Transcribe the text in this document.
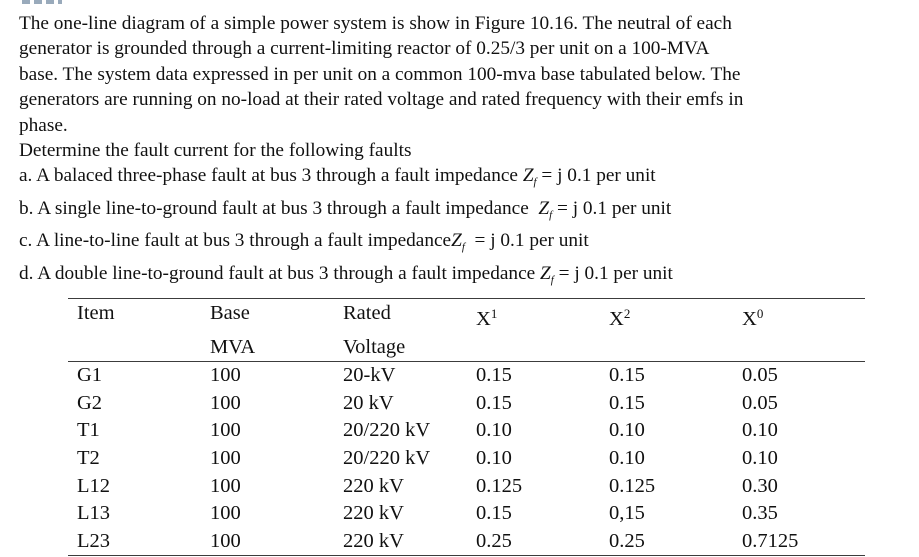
The one-line diagram of a simple power system is show in Figure 10.16. The neutral of each

generator is grounded through a current-limiting reactor of 0.25/3 per unit on a 100-MVA

base. The system data expressed in per unit on a common 100-mva base tabulated below. The

generators are running on no-load at their rated voltage and rated frequency with their emfs in

phase.

Determine the fault current for the following faults

a. A balaced three-phase fault at bus 3 through a fault impedance $Z_f = j$ 0.1 per unit

b. A single line-to-ground fault at bus 3 through a fault impedance  $Z_f = j$ 0.1 per unit

c. A line-to-line fault at bus 3 through a fault impedanceZ$_f$  = j 0.1 per unit

d. A double line-to-ground fault at bus 3 through a fault impedance $Z_f = j$ 0.1 per unit

Item	Base	Rated	$X^1$	$X^2$	$X^0$
	MVA	Voltage			
G1	100	20-kV	0.15	0.15	0.05
G2	100	20 kV	0.15	0.15	0.05
T1	100	20/220 kV	0.10	0.10	0.10
T2	100	20/220 kV	0.10	0.10	0.10
L12	100	220 kV	0.125	0.125	0.30
L13	100	220 kV	0.15	0,15	0.35
L23	100	220 kV	0.25	0.25	0.7125
